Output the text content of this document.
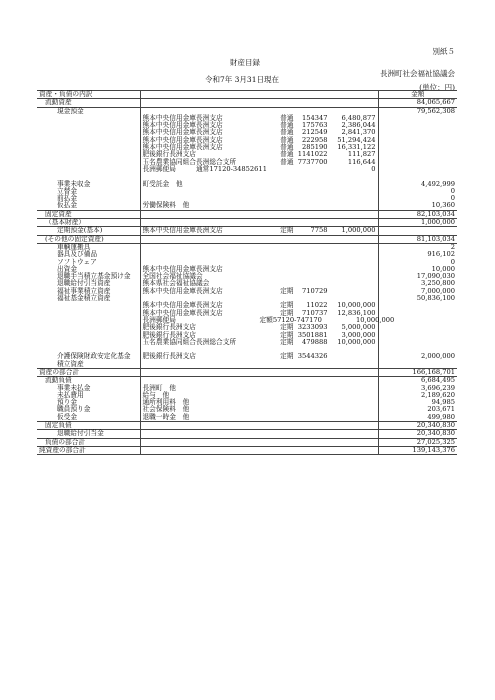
別紙５
財産目録
令和7年 3月31日現在
長洲町社会福祉協議会
(単位：円)
資産・負債の内訳		金額
流動資産		84,065,667
現金預金		79,562,308

	熊本中央信用金庫長洲支店 普通 154347 6,480,877	

	熊本中央信用金庫長洲支店 普通 175763 2,386,044	

	熊本中央信用金庫長洲支店 普通 212549 2,841,370	

	熊本中央信用金庫長洲支店 普通 222958 51,294,424	

	熊本中央信用金庫長洲支店 普通 285190 16,331,122	

	肥後銀行長洲支店 普通 1141022 111,827	

	玉名農業協同組合長洲総合支所 普通 7737700 116,644	

	長洲郵便局　　　通常17120-34852611 0	

事業未収金	町受託金　他	4,492,999
立替金		0
前払金		0
仮払金	労働保険料　他	10,360
固定資産		82,103,034
（基本財産）		1,000,000
定期預金(基本)	熊本中央信用金庫長洲支店 定期 7758 1,000,000	

(その他の固定資産)		81,103,034
車輌運搬具		2
器具及び備品		916,102
ソフトウェア		0
出資金	熊本中央信用金庫長洲支店	10,000
退職手当積立基金預け金	全国社会福祉協議会	17,090,030
退職給付引当資産	熊本県社会福祉協議会	3,250,800
福祉事業積立資産	熊本中央信用金庫長洲支店 定期 710729	7,000,000
福祉基金積立資産		50,836,100

	熊本中央信用金庫長洲支店 定期 11022 10,000,000	

	熊本中央信用金庫長洲支店 定期 710737 12,836,100	

	長洲郵便局 定額57120-747170 10,000,000	

	肥後銀行長洲支店 定期 3233093 5,000,000	

	肥後銀行長洲支店 定期 3501881 3,000,000	

	玉名農業協同組合長洲総合支所 定期 479888 10,000,000	

介護保険財政安定化基金	肥後銀行長洲支店 定期 3544326	2,000,000
積立資産		
資産の部合計		166,168,701
流動負債		6,684,495
事業未払金	長洲町　他	3,696,239
未払費用	給与　他	2,189,620
預り金	通所利用料　他	94,985
職員預り金	社会保険料　他	203,671
仮受金	退職一時金　他	499,980
固定負債		20,340,830
退職給付引当金		20,340,830
負債の部合計		27,025,325
純資産の部合計		139,143,376
